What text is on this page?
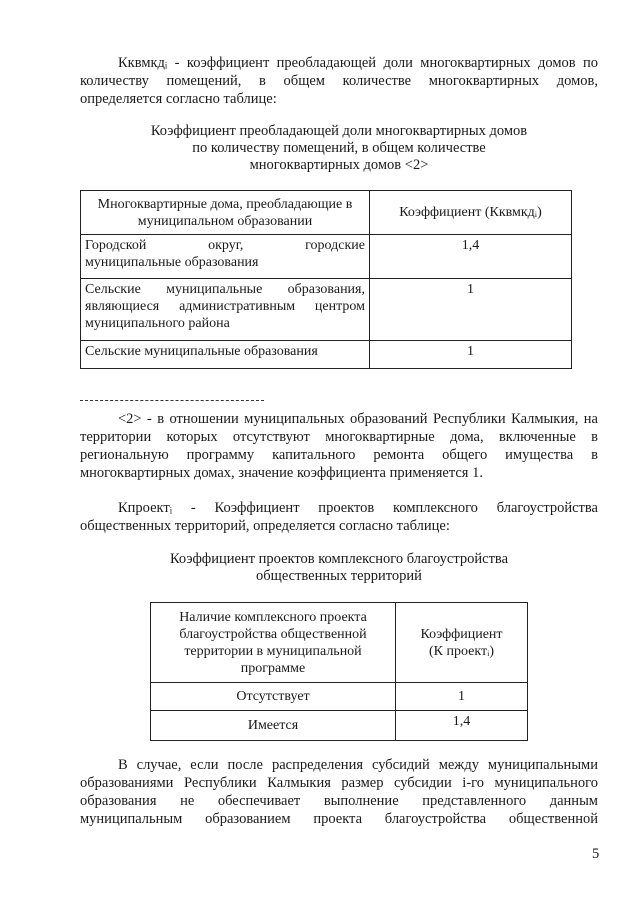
Кквмкдᵢ - коэффициент преобладающей доли многоквартирных домов по
количеству помещений, в общем количестве многоквартирных домов,
определяется согласно таблице:

Коэффициент преобладающей доли многоквартирных домов
по количеству помещений, в общем количестве
многоквартирных домов <2>

Многоквартирные дома, преобладающие в
муниципальном образовании	Коэффициент (Кквмкдᵢ)

Городской округ, городские
муниципальные образования	1,4

Сельские муниципальные образования,
являющиеся административным центром
муниципального района	1

Сельские муниципальные образования	1

<2> - в отношении муниципальных образований Республики Калмыкия, на
территории которых отсутствуют многоквартирные дома, включенные в
региональную программу капитального ремонта общего имущества в
многоквартирных домах, значение коэффициента применяется 1.

Кпроектᵢ - Коэффициент проектов комплексного благоустройства
общественных территорий, определяется согласно таблице:

Коэффициент проектов комплексного благоустройства
общественных территорий

Наличие комплексного проекта
благоустройства общественной
территории в муниципальной
программе	Коэффициент
(К проектᵢ)

Отсутствует	1
Имеется	1,4

В случае, если после распределения субсидий между муниципальными
образованиями Республики Калмыкия размер субсидии i-го муниципального
образования не обеспечивает выполнение представленного данным
муниципальным образованием проекта благоустройства общественной

5
